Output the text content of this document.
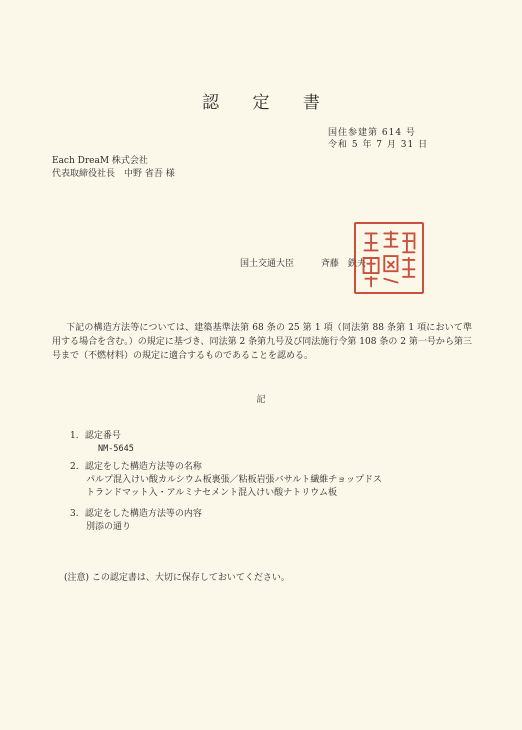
認 定 書
国住参建第 614 号
令和 5 年 7 月 31 日
Each DreaM 株式会社
代表取締役社長　中野 省吾 様
国土交通大臣	斉藤　鉄夫
下記の構造方法等については、建築基準法第 68 条の 25 第 1 項（同法第 88 条第 1 項において準用する場合を含む。）の規定に基づき、同法第 2 条第九号及び同法施行令第 108 条の 2 第一号から第三号まで（不燃材料）の規定に適合するものであることを認める。
記
1. 認定番号
NM-5645
2. 認定をした構造方法等の名称
パルプ混入けい酸カルシウム板裏張／粘板岩張バサルト繊維チョップドス
トランドマット入・アルミナセメント混入けい酸ナトリウム板
3. 認定をした構造方法等の内容
別添の通り
(注意) この認定書は、大切に保存しておいてください。
